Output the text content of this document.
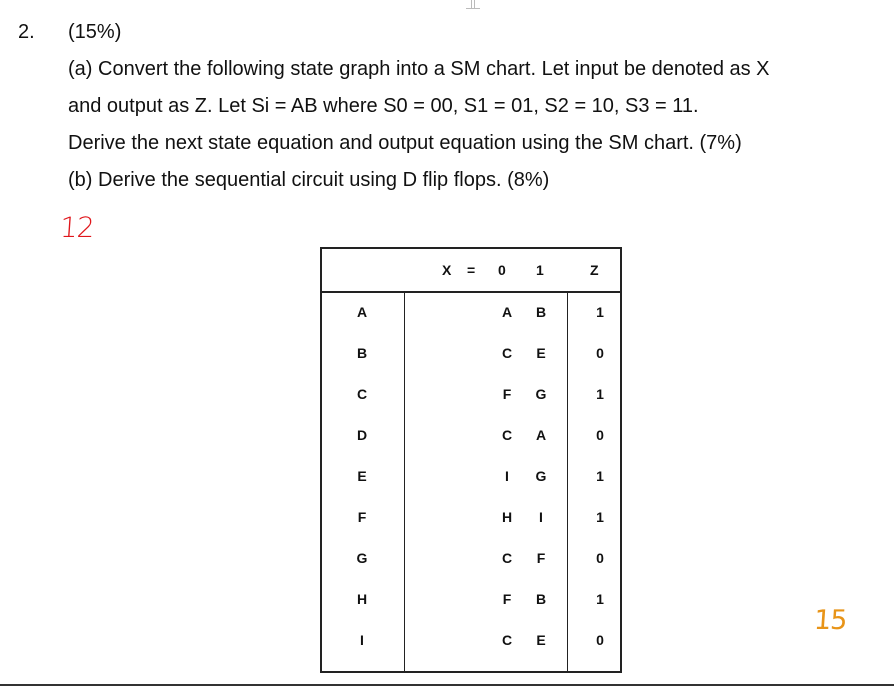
2. (15%)
(a) Convert the following state graph into a SM chart. Let input be denoted as X
and output as Z. Let Si = AB where S0 = 00, S1 = 01, S2 = 10, S3 = 11.
Derive the next state equation and output equation using the SM chart. (7%)
(b) Derive the sequential circuit using D flip flops. (8%)
12
X = 0 1	Z
A	A B	1
B	C E	0
C	F G	1
D	C A	0
E	I	G	1
F	H	I	1
G	C F	0
H	F B	1
I	C E	0
15
